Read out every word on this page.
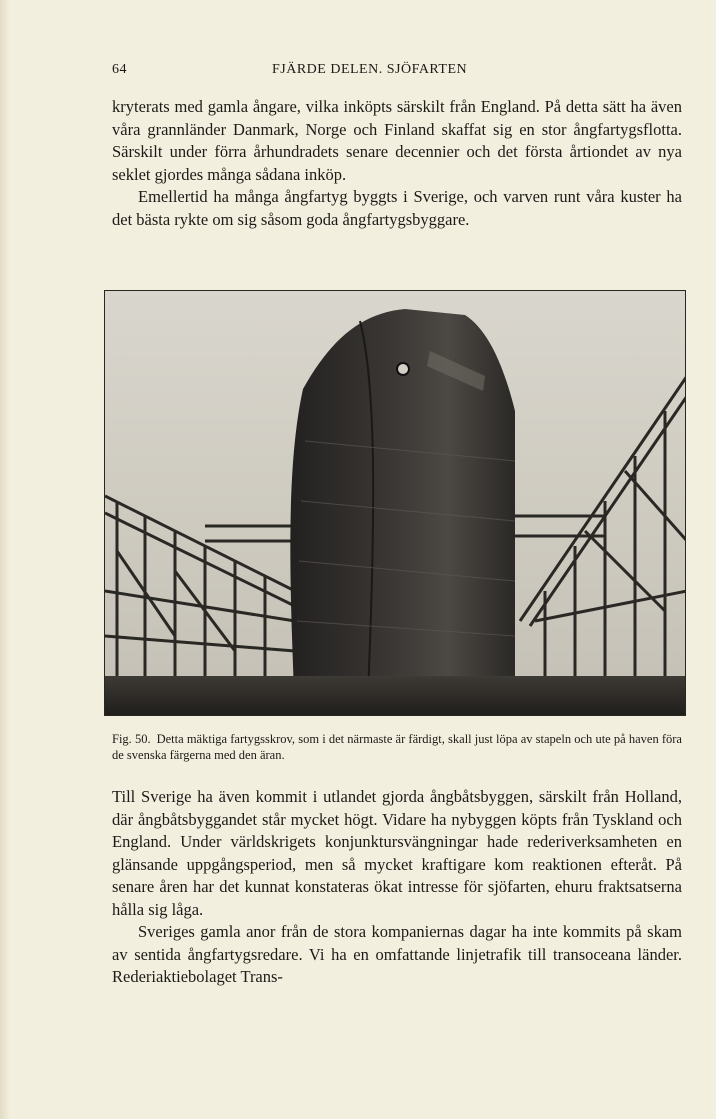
64	FJÄRDE DELEN. SJÖFARTEN

kryterats med gamla ångare, vilka inköpts särskilt från England. På detta sätt ha även våra grannländer Danmark, Norge och Finland skaffat sig en stor ångfartygsflotta. Särskilt under förra århundradets senare decennier och det första årtiondet av nya seklet gjordes många sådana inköp.

Emellertid ha många ångfartyg byggts i Sverige, och varven runt våra kuster ha det bästa rykte om sig såsom goda ångfartygsbyggare.

Fig. 50. Detta mäktiga fartygsskrov, som i det närmaste är färdigt, skall just löpa av stapeln och ute på haven föra de svenska färgerna med den äran.

Till Sverige ha även kommit i utlandet gjorda ångbåtsbyggen, särskilt från Holland, där ångbåtsbyggandet står mycket högt. Vidare ha nybyggen köpts från Tyskland och England. Under världskrigets konjunktursvängningar hade rederiverksamheten en glänsande uppgångsperiod, men så mycket kraftigare kom reaktionen efteråt. På senare åren har det kunnat konstateras ökat intresse för sjöfarten, ehuru fraktsatserna hålla sig låga.

Sveriges gamla anor från de stora kompaniernas dagar ha inte kommits på skam av sentida ångfartygsredare. Vi ha en omfattande linjetrafik till transoceana länder. Rederiaktiebolaget Trans-
